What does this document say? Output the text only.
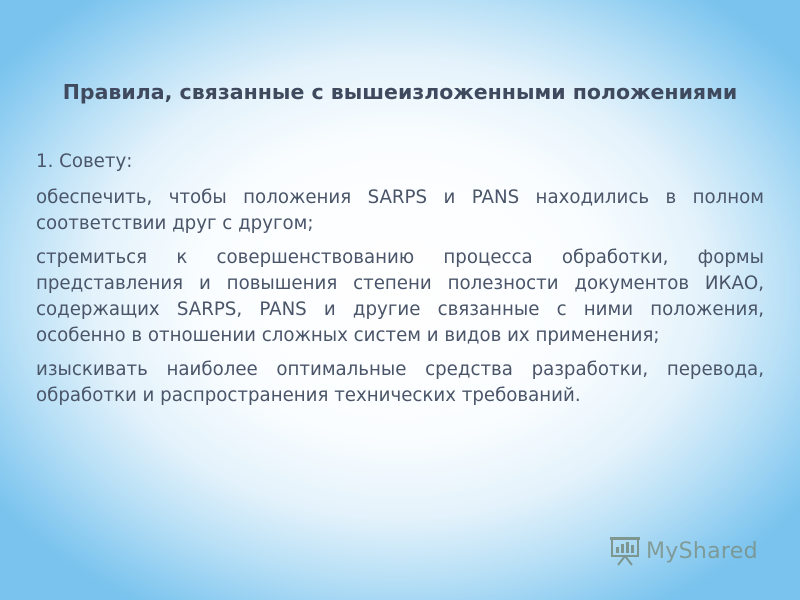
Правила, связанные с вышеизложенными положениями

1. Совету:

обеспечить, чтобы положения SARPS и PANS находились в полном соответствии друг с другом;

стремиться к совершенствованию процесса обработки, формы представления и повышения степени полезности документов ИКАО, содержащих SARPS, PANS и другие связанные с ними положения, особенно в отношении сложных систем и видов их применения;

изыскивать наиболее оптимальные средства разработки, перевода, обработки и распространения технических требований.

MyShared
